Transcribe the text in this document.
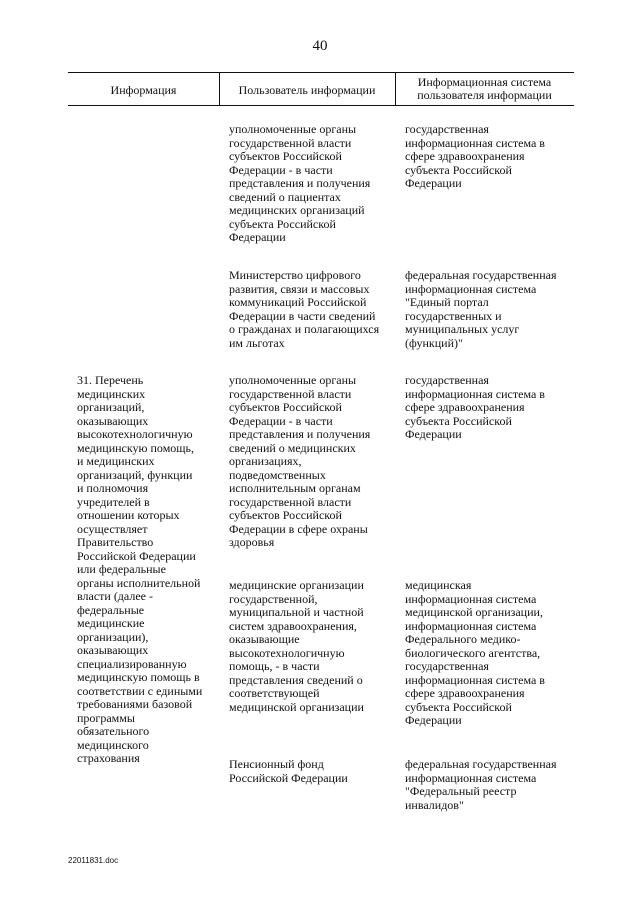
40
Информация	Пользователь информации
Информационная система
пользователя информации
уполномоченные органы
государственной власти
субъектов Российской
Федерации - в части
представления и получения
сведений о пациентах
медицинских организаций
субъекта Российской
Федерации
государственная
информационная система в
сфере здравоохранения
субъекта Российской
Федерации
Министерство цифрового
развития, связи и массовых
коммуникаций Российской
Федерации в части сведений
о гражданах и полагающихся
им льготах
федеральная государственная
информационная система
"Единый портал
государственных и
муниципальных услуг
(функций)"
31. Перечень
медицинских
организаций,
оказывающих
высокотехнологичную
медицинскую помощь,
и медицинских
организаций, функции
и полномочия
учредителей в
отношении которых
осуществляет
Правительство
Российской Федерации
или федеральные
органы исполнительной
власти (далее -
федеральные
медицинские
организации),
оказывающих
специализированную
медицинскую помощь в
соответствии с едиными
требованиями базовой
программы
обязательного
медицинского
страхования
уполномоченные органы
государственной власти
субъектов Российской
Федерации - в части
представления и получения
сведений о медицинских
организациях,
подведомственных
исполнительным органам
государственной власти
субъектов Российской
Федерации в сфере охраны
здоровья
государственная
информационная система в
сфере здравоохранения
субъекта Российской
Федерации
медицинские организации
государственной,
муниципальной и частной
систем здравоохранения,
оказывающие
высокотехнологичную
помощь, - в части
представления сведений о
соответствующей
медицинской организации
медицинская
информационная система
медицинской организации,
информационная система
Федерального медико-
биологического агентства,
государственная
информационная система в
сфере здравоохранения
субъекта Российской
Федерации
Пенсионный фонд
Российской Федерации
федеральная государственная
информационная система
"Федеральный реестр
инвалидов"
22011831.doc
